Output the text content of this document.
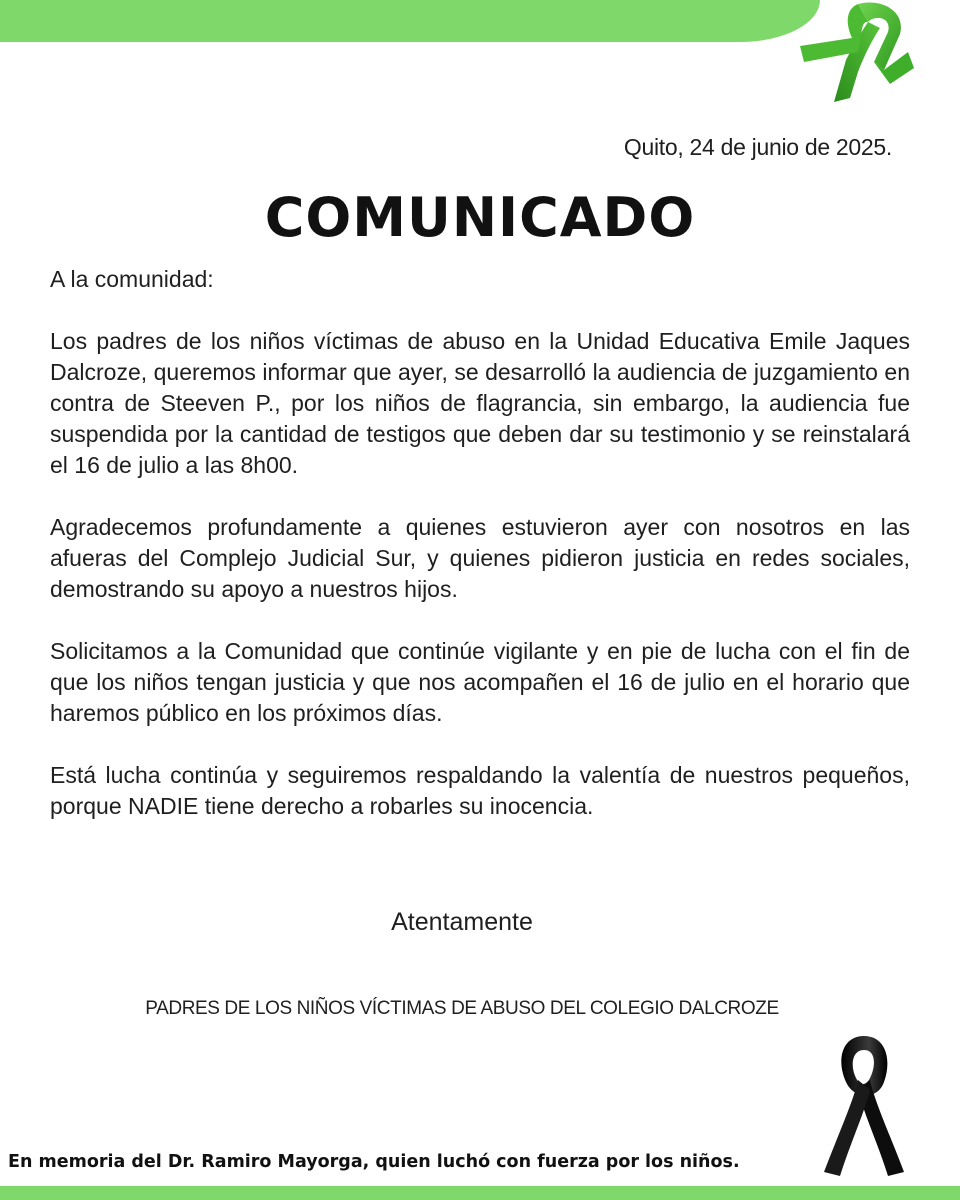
Quito, 24 de junio de 2025.
COMUNICADO
A la comunidad:

Los padres de los niños víctimas de abuso en la Unidad Educativa Emile Jaques Dalcroze, queremos informar que ayer, se desarrolló la audiencia de juzgamiento en contra de Steeven P., por los niños de flagrancia, sin embargo, la audiencia fue suspendida por la cantidad de testigos que deben dar su testimonio y se reinstalará el 16 de julio a las 8h00.

Agradecemos profundamente a quienes estuvieron ayer con nosotros en las afueras del Complejo Judicial Sur, y quienes pidieron justicia en redes sociales, demostrando su apoyo a nuestros hijos.

Solicitamos a la Comunidad que continúe vigilante y en pie de lucha con el fin de que los niños tengan justicia y que nos acompañen el 16 de julio en el horario que haremos público en los próximos días.

Está lucha continúa y seguiremos respaldando la valentía de nuestros pequeños, porque NADIE tiene derecho a robarles su inocencia.

Atentamente
PADRES DE LOS NIÑOS VÍCTIMAS DE ABUSO DEL COLEGIO DALCROZE
En memoria del Dr. Ramiro Mayorga, quien luchó con fuerza por los niños.
